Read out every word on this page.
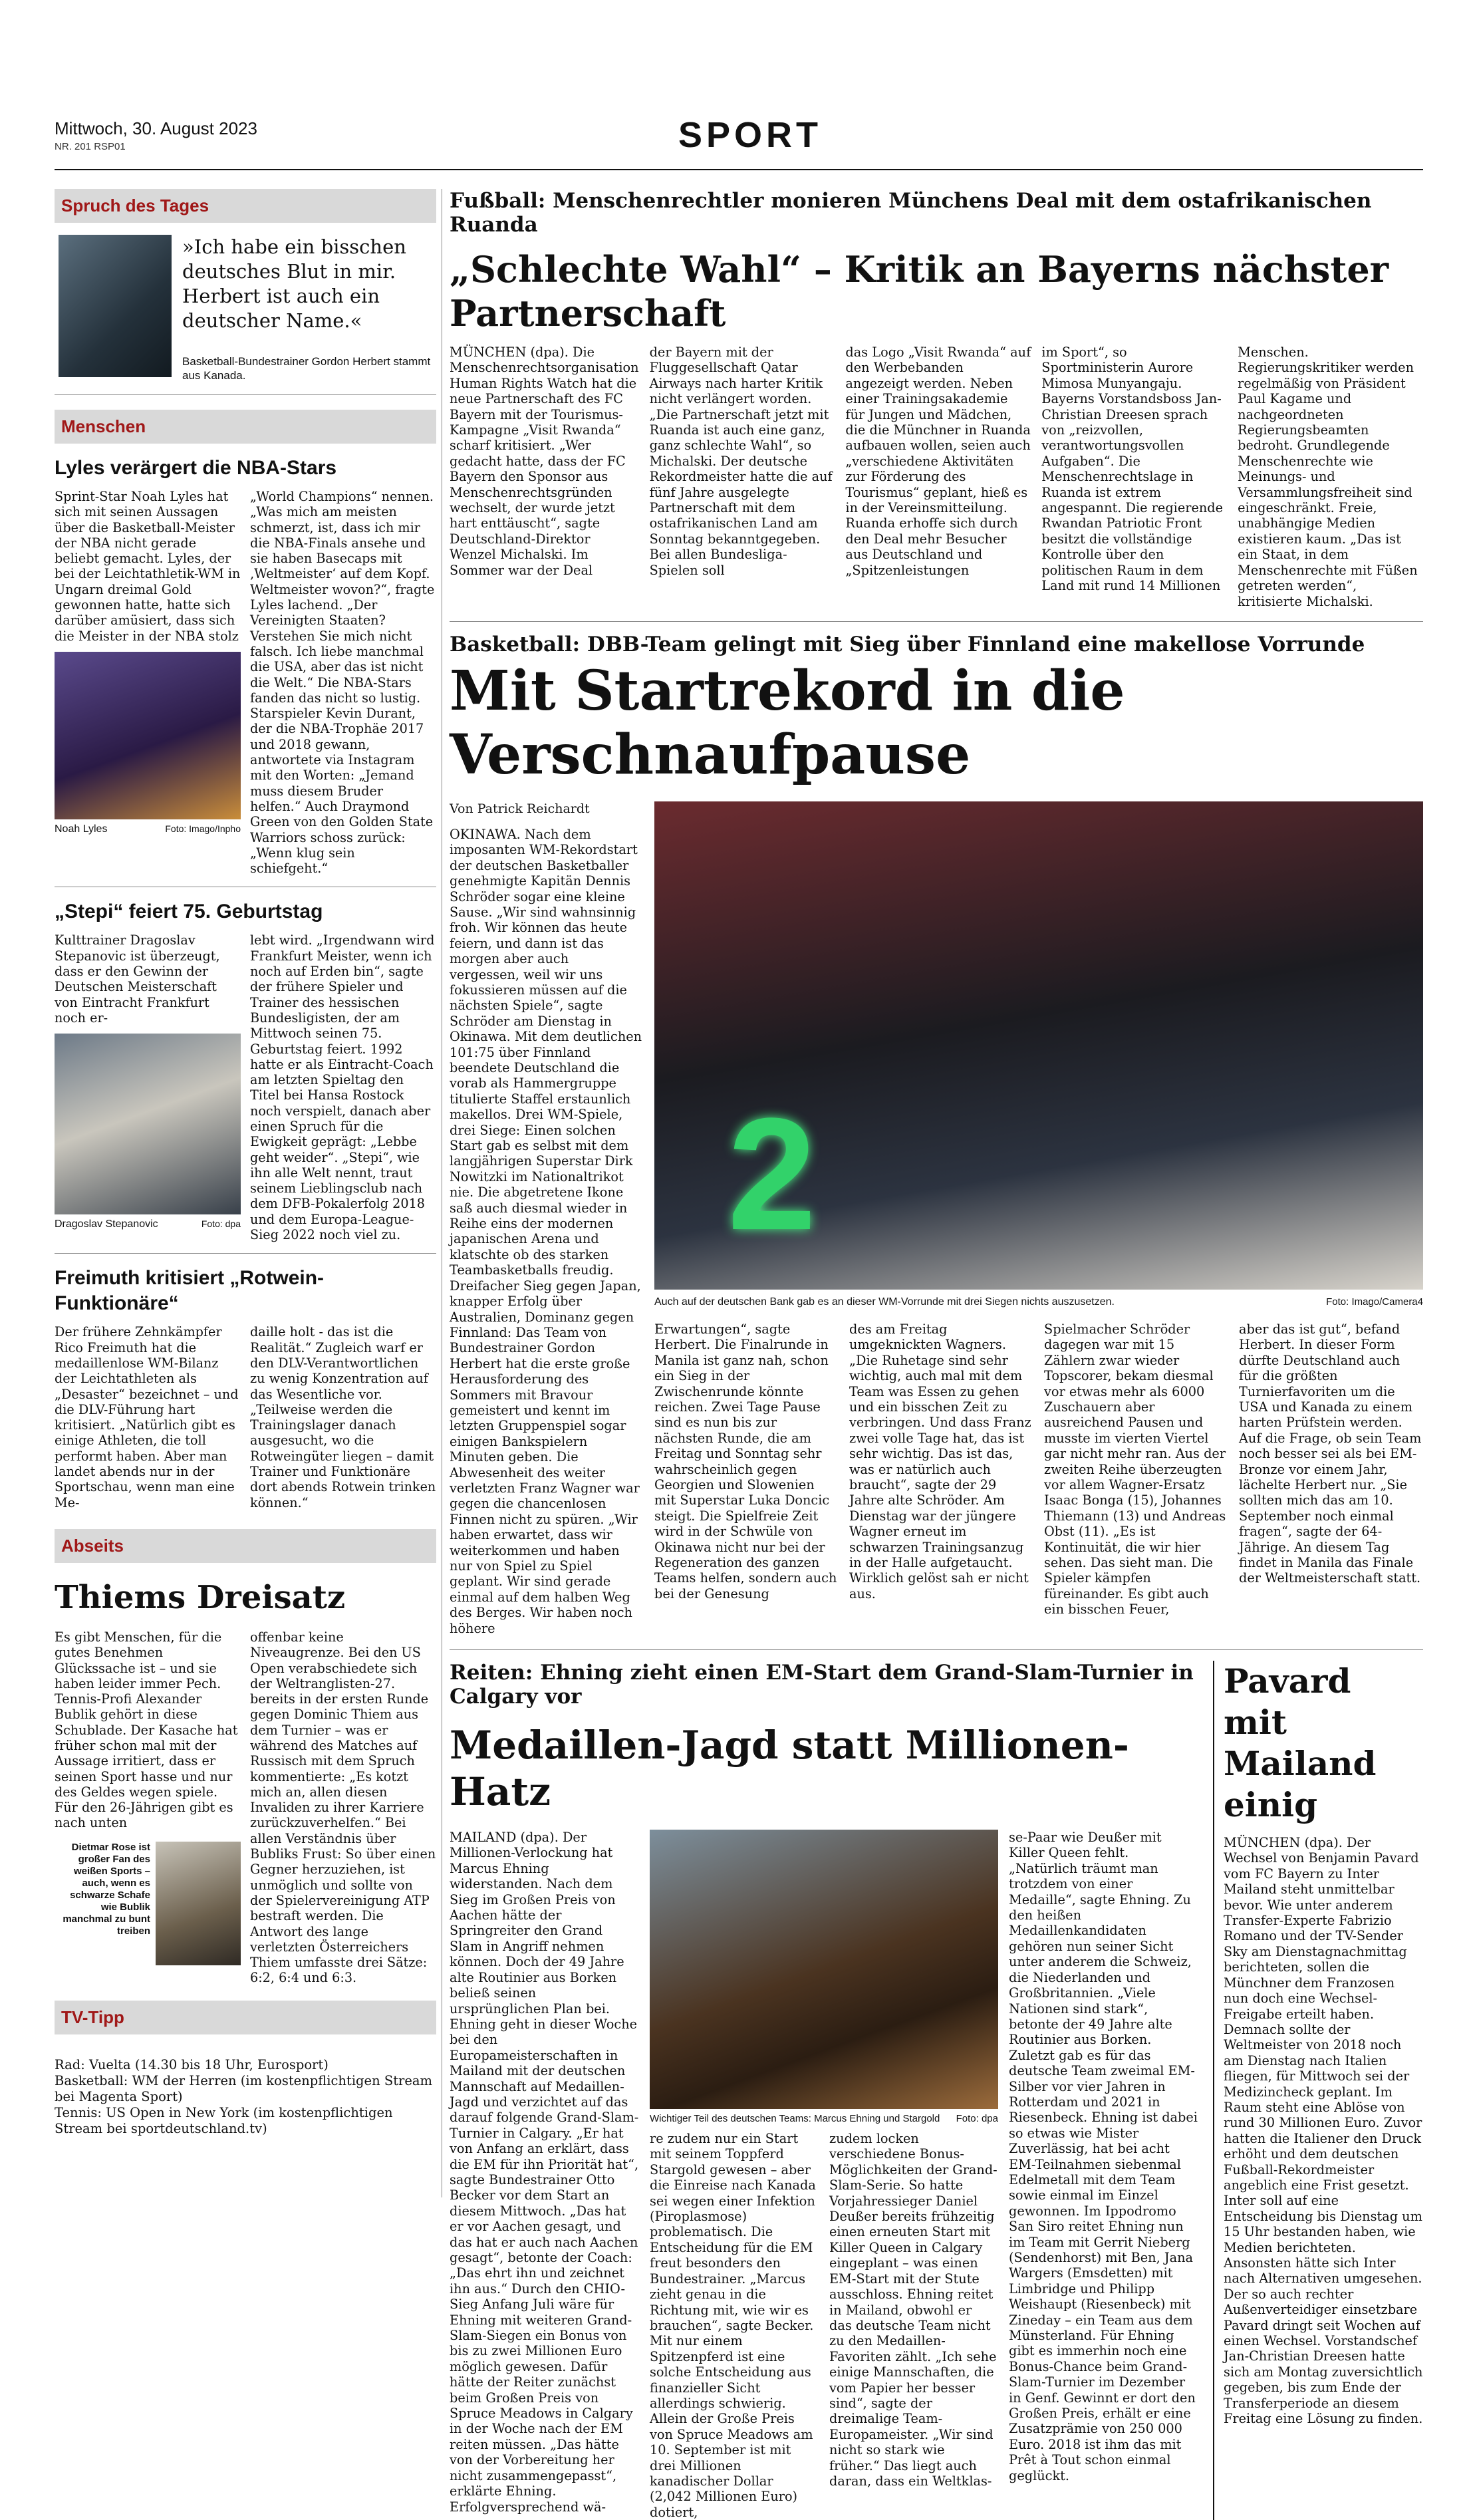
Mittwoch, 30. August 2023
NR. 201 RSP01	SPORT
Spruch des Tages
»Ich habe ein bisschen deutsches Blut in mir. Herbert ist auch ein deutscher Name.«
Basketball-Bundestrainer Gordon Herbert stammt aus Kanada.
Menschen
Lyles verärgert die NBA-Stars
Sprint-Star Noah Lyles hat sich mit seinen Aussagen über die Basketball-Meister der NBA nicht gerade beliebt gemacht. Lyles, der bei der Leichtathletik-WM in Ungarn dreimal Gold gewonnen hatte, hatte sich darüber amüsiert, dass sich die Meister in der NBA stolz
Noah Lyles	Foto: Imago/Inpho
„World Champions“ nennen. „Was mich am meisten schmerzt, ist, dass ich mir die NBA-Finals ansehe und sie haben Basecaps mit ‚Weltmeister‘ auf dem Kopf. Weltmeister wovon?“, fragte Lyles lachend. „Der Vereinigten Staaten? Verstehen Sie mich nicht falsch. Ich liebe manchmal die USA, aber das ist nicht die Welt.“ Die NBA-Stars fanden das nicht so lustig. Starspieler Kevin Durant, der die NBA-Trophäe 2017 und 2018 gewann, antwortete via Instagram mit den Worten: „Jemand muss diesem Bruder helfen.“ Auch Draymond Green von den Golden State Warriors schoss zurück: „Wenn klug sein schiefgeht.“
„Stepi“ feiert 75. Geburtstag
Kulttrainer Dragoslav Stepanovic ist überzeugt, dass er den Gewinn der Deutschen Meisterschaft von Eintracht Frankfurt noch er-
Dragoslav Stepanovic	Foto: dpa
lebt wird. „Irgendwann wird Frankfurt Meister, wenn ich noch auf Erden bin“, sagte der frühere Spieler und Trainer des hessischen Bundesligisten, der am Mittwoch seinen 75. Geburtstag feiert. 1992 hatte er als Eintracht-Coach am letzten Spieltag den Titel bei Hansa Rostock noch verspielt, danach aber einen Spruch für die Ewigkeit geprägt: „Lebbe geht weider“. „Stepi“, wie ihn alle Welt nennt, traut seinem Lieblingsclub nach dem DFB-Pokalerfolg 2018 und dem Europa-League-Sieg 2022 noch viel zu.
Freimuth kritisiert „Rotwein-Funktionäre“
Der frühere Zehnkämpfer Rico Freimuth hat die medaillenlose WM-Bilanz der Leichtathleten als „Desaster“ bezeichnet – und die DLV-Führung hart kritisiert. „Natürlich gibt es einige Athleten, die toll performt haben. Aber man landet abends nur in der Sportschau, wenn man eine Me-
daille holt - das ist die Realität.“ Zugleich warf er den DLV-Verantwortlichen zu wenig Konzentration auf das Wesentliche vor. „Teilweise werden die Trainingslager danach ausgesucht, wo die Rotweingüter liegen – damit Trainer und Funktionäre dort abends Rotwein trinken können.“
Abseits
Thiems Dreisatz
Es gibt Menschen, für die gutes Benehmen Glückssache ist – und sie haben leider immer Pech. Tennis-Profi Alexander Bublik gehört in diese Schublade. Der Kasache hat früher schon mal mit der Aussage irritiert, dass er seinen Sport hasse und nur des Geldes wegen spiele. Für den 26-Jährigen gibt es nach unten
Dietmar Rose ist großer Fan des weißen Sports – auch, wenn es schwarze Schafe wie Bublik manchmal zu bunt treiben
offenbar keine Niveaugrenze. Bei den US Open verabschiedete sich der Weltranglisten-27. bereits in der ersten Runde gegen Dominic Thiem aus dem Turnier – was er während des Matches auf Russisch mit dem Spruch kommentierte: „Es kotzt mich an, allen diesen Invaliden zu ihrer Karriere zurückzuverhelfen.“ Bei allen Verständnis über Bubliks Frust: So über einen Gegner herzuziehen, ist unmöglich und sollte von der Spielervereinigung ATP bestraft werden. Die Antwort des lange verletzten Österreichers Thiem umfasste drei Sätze: 6:2, 6:4 und 6:3.
TV-Tipp
Rad: Vuelta (14.30 bis 18 Uhr, Eurosport)
Basketball: WM der Herren (im kostenpflichtigen Stream bei Magenta Sport)
Tennis: US Open in New York (im kostenpflichtigen Stream bei sportdeutschland.tv)
Fußball: Menschenrechtler monieren Münchens Deal mit dem ostafrikanischen Ruanda
„Schlechte Wahl“ – Kritik an Bayerns nächster Partnerschaft
MÜNCHEN (dpa). Die Menschenrechtsorganisation Human Rights Watch hat die neue Partnerschaft des FC Bayern mit der Tourismus-Kampagne „Visit Rwanda“ scharf kritisiert. „Wer gedacht hatte, dass der FC Bayern den Sponsor aus Menschenrechtsgründen wechselt, der wurde jetzt hart enttäuscht“, sagte Deutschland-Direktor Wenzel Michalski. Im Sommer war der Deal
der Bayern mit der Fluggesellschaft Qatar Airways nach harter Kritik nicht verlängert worden. „Die Partnerschaft jetzt mit Ruanda ist auch eine ganz, ganz schlechte Wahl“, so Michalski. Der deutsche Rekordmeister hatte die auf fünf Jahre ausgelegte Partnerschaft mit dem ostafrikanischen Land am Sonntag bekanntgegeben. Bei allen Bundesliga-Spielen soll
das Logo „Visit Rwanda“ auf den Werbebanden angezeigt werden. Neben einer Trainingsakademie für Jungen und Mädchen, die die Münchner in Ruanda aufbauen wollen, seien auch „verschiedene Aktivitäten zur Förderung des Tourismus“ geplant, hieß es in der Vereinsmitteilung. Ruanda erhoffe sich durch den Deal mehr Besucher aus Deutschland und „Spitzenleistungen
im Sport“, so Sportministerin Aurore Mimosa Munyangaju. Bayerns Vorstandsboss Jan-Christian Dreesen sprach von „reizvollen, verantwortungsvollen Aufgaben“. Die Menschenrechtslage in Ruanda ist extrem angespannt. Die regierende Rwandan Patriotic Front besitzt die vollständige Kontrolle über den politischen Raum in dem Land mit rund 14 Millionen
Menschen. Regierungskritiker werden regelmäßig von Präsident Paul Kagame und nachgeordneten Regierungsbeamten bedroht. Grundlegende Menschenrechte wie Meinungs- und Versammlungsfreiheit sind eingeschränkt. Freie, unabhängige Medien existieren kaum. „Das ist ein Staat, in dem Menschenrechte mit Füßen getreten werden“, kritisierte Michalski.
Basketball: DBB-Team gelingt mit Sieg über Finnland eine makellose Vorrunde
Mit Startrekord in die Verschnaufpause
Von Patrick Reichardt
OKINAWA. Nach dem imposanten WM-Rekordstart der deutschen Basketballer genehmigte Kapitän Dennis Schröder sogar eine kleine Sause. „Wir sind wahnsinnig froh. Wir können das heute feiern, und dann ist das morgen aber auch vergessen, weil wir uns fokussieren müssen auf die nächsten Spiele“, sagte Schröder am Dienstag in Okinawa. Mit dem deutlichen 101:75 über Finnland beendete Deutschland die vorab als Hammergruppe titulierte Staffel erstaunlich makellos. Drei WM-Spiele, drei Siege: Einen solchen Start gab es selbst mit dem langjährigen Superstar Dirk Nowitzki im Nationaltrikot nie. Die abgetretene Ikone saß auch diesmal wieder in Reihe eins der modernen japanischen Arena und klatschte ob des starken Teambasketballs freudig. Dreifacher Sieg gegen Japan, knapper Erfolg über Australien, Dominanz gegen Finnland: Das Team von Bundestrainer Gordon Herbert hat die erste große Herausforderung des Sommers mit Bravour gemeistert und kennt im letzten Gruppenspiel sogar einigen Bankspielern Minuten geben. Die Abwesenheit des weiter verletzten Franz Wagner war gegen die chancenlosen Finnen nicht zu spüren. „Wir haben erwartet, dass wir weiterkommen und haben nur von Spiel zu Spiel geplant. Wir sind gerade einmal auf dem halben Weg des Berges. Wir haben noch höhere
2
Auch auf der deutschen Bank gab es an dieser WM-Vorrunde mit drei Siegen nichts auszusetzen.	Foto: Imago/Camera4
Erwartungen“, sagte Herbert. Die Finalrunde in Manila ist ganz nah, schon ein Sieg in der Zwischenrunde könnte reichen. Zwei Tage Pause sind es nun bis zur nächsten Runde, die am Freitag und Sonntag sehr wahrscheinlich gegen Georgien und Slowenien mit Superstar Luka Doncic steigt. Die Spielfreie Zeit wird in der Schwüle von Okinawa nicht nur bei der Regeneration des ganzen Teams helfen, sondern auch bei der Genesung
des am Freitag umgeknickten Wagners. „Die Ruhetage sind sehr wichtig, auch mal mit dem Team was Essen zu gehen und ein bisschen Zeit zu verbringen. Und dass Franz zwei volle Tage hat, das ist sehr wichtig. Das ist das, was er natürlich auch braucht“, sagte der 29 Jahre alte Schröder. Am Dienstag war der jüngere Wagner erneut im schwarzen Trainingsanzug in der Halle aufgetaucht. Wirklich gelöst sah er nicht aus.
Spielmacher Schröder dagegen war mit 15 Zählern zwar wieder Topscorer, bekam diesmal vor etwas mehr als 6000 Zuschauern aber ausreichend Pausen und musste im vierten Viertel gar nicht mehr ran. Aus der zweiten Reihe überzeugten vor allem Wagner-Ersatz Isaac Bonga (15), Johannes Thiemann (13) und Andreas Obst (11). „Es ist Kontinuität, die wir hier sehen. Das sieht man. Die Spieler kämpfen füreinander. Es gibt auch ein bisschen Feuer,
aber das ist gut“, befand Herbert. In dieser Form dürfte Deutschland auch für die größten Turnierfavoriten um die USA und Kanada zu einem harten Prüfstein werden. Auf die Frage, ob sein Team noch besser sei als bei EM-Bronze vor einem Jahr, lächelte Herbert nur. „Sie sollten mich das am 10. September noch einmal fragen“, sagte der 64-Jährige. An diesem Tag findet in Manila das Finale der Weltmeisterschaft statt.
Reiten: Ehning zieht einen EM-Start dem Grand-Slam-Turnier in Calgary vor
Medaillen-Jagd statt Millionen-Hatz
MAILAND (dpa). Der Millionen-Verlockung hat Marcus Ehning widerstanden. Nach dem Sieg im Großen Preis von Aachen hätte der Springreiter den Grand Slam in Angriff nehmen können. Doch der 49 Jahre alte Routinier aus Borken beließ seinen ursprünglichen Plan bei. Ehning geht in dieser Woche bei den Europameisterschaften in Mailand mit der deutschen Mannschaft auf Medaillen-Jagd und verzichtet auf das darauf folgende Grand-Slam-Turnier in Calgary. „Er hat von Anfang an erklärt, dass die EM für ihn Priorität hat“, sagte Bundestrainer Otto Becker vor dem Start an diesem Mittwoch. „Das hat er vor Aachen gesagt, und das hat er auch nach Aachen gesagt“, betonte der Coach: „Das ehrt ihn und zeichnet ihn aus.“ Durch den CHIO-Sieg Anfang Juli wäre für Ehning mit weiteren Grand-Slam-Siegen ein Bonus von bis zu zwei Millionen Euro möglich gewesen. Dafür hätte der Reiter zunächst beim Großen Preis von Spruce Meadows in Calgary in der Woche nach der EM reiten müssen. „Das hätte von der Vorbereitung her nicht zusammengepasst“, erklärte Ehning. Erfolgversprechend wä-
Wichtiger Teil des deutschen Teams: Marcus Ehning und Stargold Foto: dpa
re zudem nur ein Start mit seinem Toppferd Stargold gewesen – aber die Einreise nach Kanada sei wegen einer Infektion (Piroplasmose) problematisch. Die Entscheidung für die EM freut besonders den Bundestrainer. „Marcus zieht genau in die Richtung mit, wie wir es brauchen“, sagte Becker. Mit nur einem Spitzenpferd ist eine solche Entscheidung aus finanzieller Sicht allerdings schwierig. Allein der Große Preis von Spruce Meadows am 10. September ist mit drei Millionen kanadischer Dollar (2,042 Millionen Euro) dotiert,
zudem locken verschiedene Bonus-Möglichkeiten der Grand-Slam-Serie. So hatte Vorjahressieger Daniel Deußer bereits frühzeitig einen erneuten Start mit Killer Queen in Calgary eingeplant – was einen EM-Start mit der Stute ausschloss. Ehning reitet in Mailand, obwohl er das deutsche Team nicht zu den Medaillen-Favoriten zählt. „Ich sehe einige Mannschaften, die vom Papier her besser sind“, sagte der dreimalige Team-Europameister. „Wir sind nicht so stark wie früher.“ Das liegt auch daran, dass ein Weltklas-
se-Paar wie Deußer mit Killer Queen fehlt. „Natürlich träumt man trotzdem von einer Medaille“, sagte Ehning. Zu den heißen Medaillenkandidaten gehören nun seiner Sicht unter anderem die Schweiz, die Niederlanden und Großbritannien. „Viele Nationen sind stark“, betonte der 49 Jahre alte Routinier aus Borken. Zuletzt gab es für das deutsche Team zweimal EM-Silber vor vier Jahren in Rotterdam und 2021 in Riesenbeck. Ehning ist dabei so etwas wie Mister Zuverlässig, hat bei acht EM-Teilnahmen siebenmal Edelmetall mit dem Team sowie einmal im Einzel gewonnen. Im Ippodromo San Siro reitet Ehning nun im Team mit Gerrit Nieberg (Sendenhorst) mit Ben, Jana Wargers (Emsdetten) mit Limbridge und Philipp Weishaupt (Riesenbeck) mit Zineday – ein Team aus dem Münsterland. Für Ehning gibt es immerhin noch eine Bonus-Chance beim Grand-Slam-Turnier im Dezember in Genf. Gewinnt er dort den Großen Preis, erhält er eine Zusatzprämie von 250 000 Euro. 2018 ist ihm das mit Prêt à Tout schon einmal geglückt.
Pavard mit Mailand einig
MÜNCHEN (dpa). Der Wechsel von Benjamin Pavard vom FC Bayern zu Inter Mailand steht unmittelbar bevor. Wie unter anderem Transfer-Experte Fabrizio Romano und der TV-Sender Sky am Dienstagnachmittag berichteten, sollen die Münchner dem Franzosen nun doch eine Wechsel-Freigabe erteilt haben. Demnach sollte der Weltmeister von 2018 noch am Dienstag nach Italien fliegen, für Mittwoch sei der Medizincheck geplant. Im Raum steht eine Ablöse von rund 30 Millionen Euro. Zuvor hatten die Italiener den Druck erhöht und dem deutschen Fußball-Rekordmeister angeblich eine Frist gesetzt. Inter soll auf eine Entscheidung bis Dienstag um 15 Uhr bestanden haben, wie Medien berichteten. Ansonsten hätte sich Inter nach Alternativen umgesehen. Der so auch rechter Außenverteidiger einsetzbare Pavard dringt seit Wochen auf einen Wechsel. Vorstandschef Jan-Christian Dreesen hatte sich am Montag zuversichtlich gegeben, bis zum Ende der Transferperiode an diesem Freitag eine Lösung zu finden.
